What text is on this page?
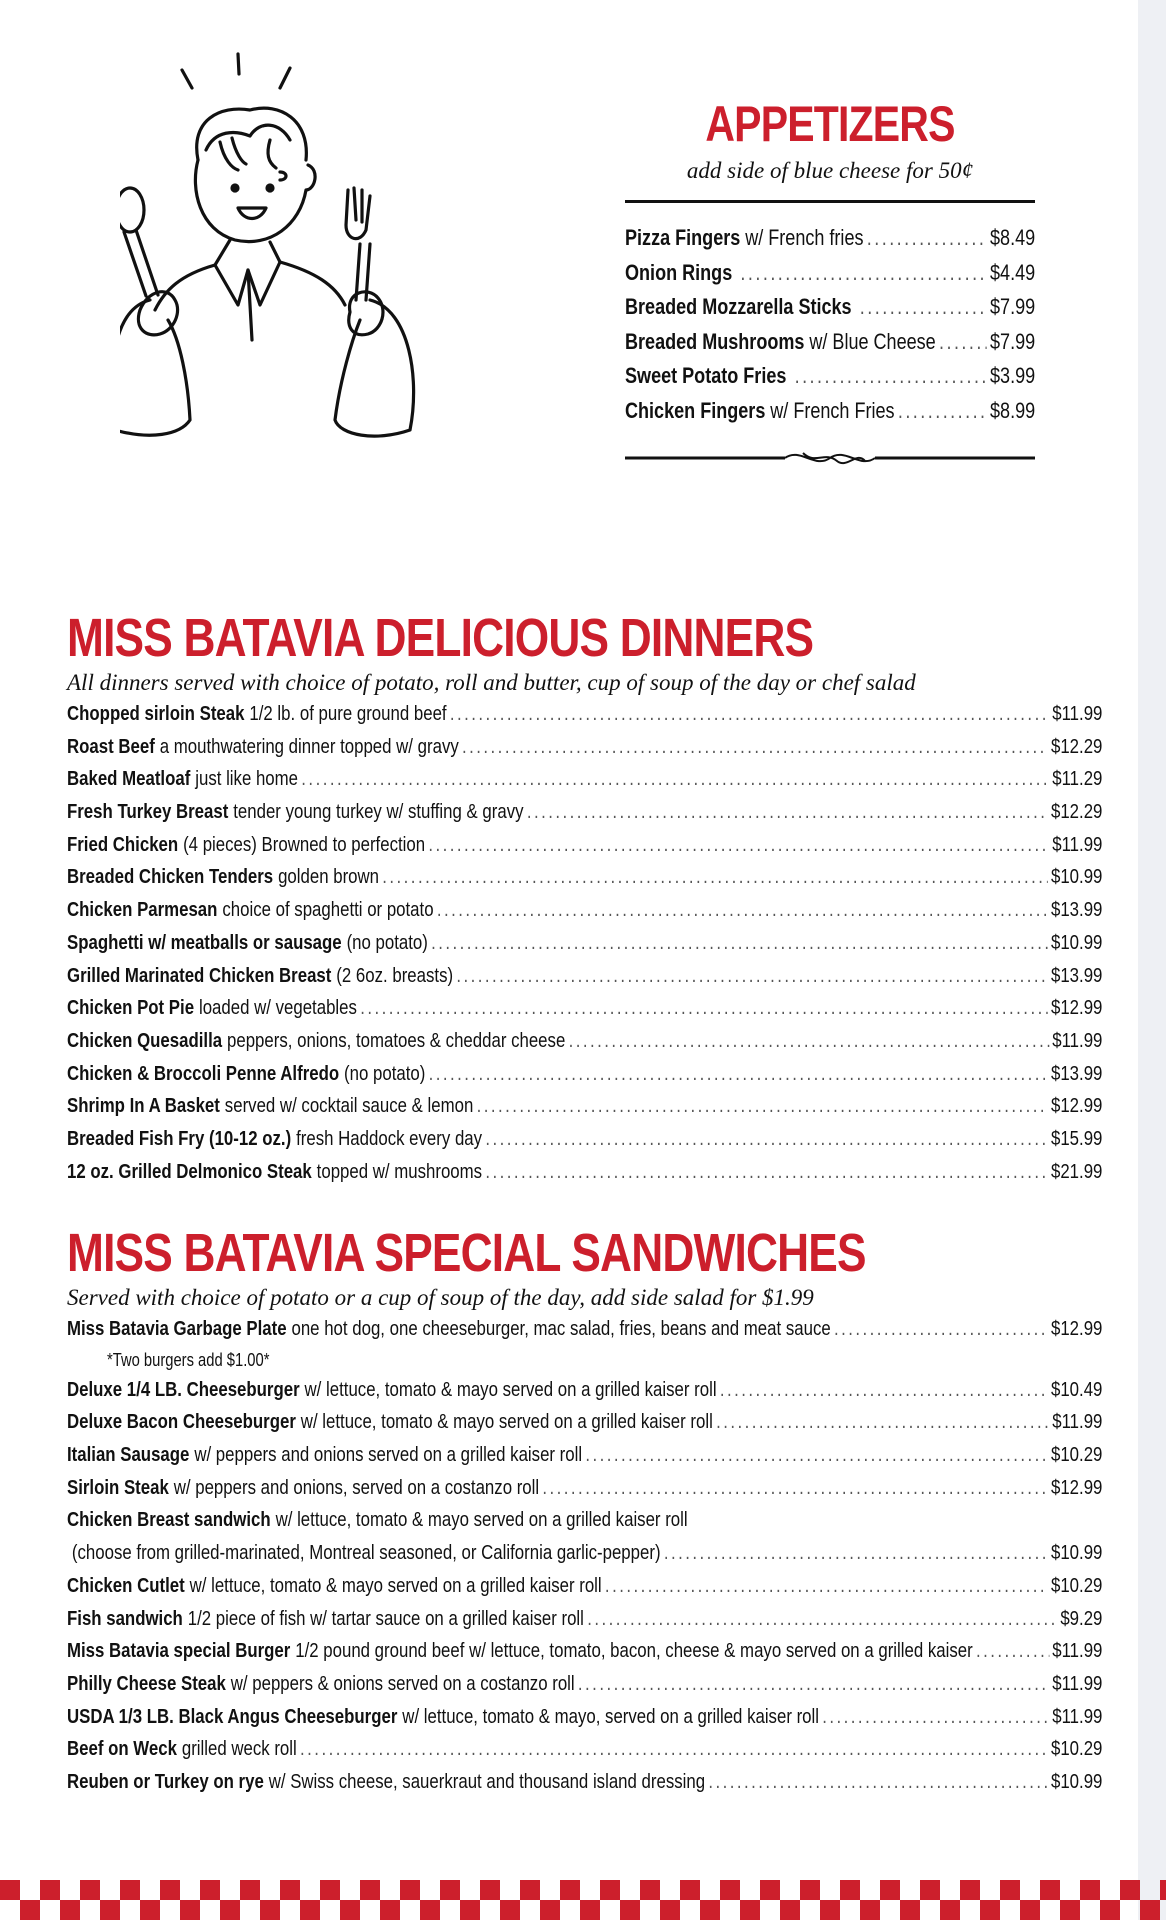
APPETIZERS
add side of blue cheese for 50¢
Pizza Fingers w/ French fries .....	$8.49
Onion Rings .....	$4.49
Breaded Mozzarella Sticks .....	$7.99
Breaded Mushrooms w/ Blue Cheese ..... $7.99
Sweet Potato Fries .....	$3.99
Chicken Fingers w/ French Fries .....	$8.99
MISS BATAVIA DELICIOUS DINNERS
All dinners served with choice of potato, roll and butter, cup of soup of the day or chef salad
Chopped sirloin Steak 1/2 lb. of pure ground beef .....	$11.99
Roast Beef a mouthwatering dinner topped w/ gravy .....	$12.29
Baked Meatloaf just like home .....	$11.29
Fresh Turkey Breast tender young turkey w/ stuffing & gravy .....	$12.29
Fried Chicken (4 pieces) Browned to perfection .....	$11.99
Breaded Chicken Tenders golden brown .....	$10.99
Chicken Parmesan choice of spaghetti or potato .....	$13.99
Spaghetti w/ meatballs or sausage (no potato) .....	$10.99
Grilled Marinated Chicken Breast (2 6oz. breasts) .....	$13.99
Chicken Pot Pie loaded w/ vegetables .....	$12.99
Chicken Quesadilla peppers, onions, tomatoes & cheddar cheese .....	$11.99
Chicken & Broccoli Penne Alfredo (no potato) .....	$13.99
Shrimp In A Basket served w/ cocktail sauce & lemon .....	$12.99
Breaded Fish Fry (10-12 oz.) fresh Haddock every day .....	$15.99
12 oz. Grilled Delmonico Steak topped w/ mushrooms .....	$21.99
MISS BATAVIA SPECIAL SANDWICHES
Served with choice of potato or a cup of soup of the day, add side salad for $1.99
Miss Batavia Garbage Plate one hot dog, one cheeseburger, mac salad, fries, beans and meat sauce .....	$12.99
*Two burgers add $1.00*
Deluxe 1/4 LB. Cheeseburger w/ lettuce, tomato & mayo served on a grilled kaiser roll .....	$10.49
Deluxe Bacon Cheeseburger w/ lettuce, tomato & mayo served on a grilled kaiser roll .....	$11.99
Italian Sausage w/ peppers and onions served on a grilled kaiser roll .....	$10.29
Sirloin Steak w/ peppers and onions, served on a costanzo roll .....	$12.99
Chicken Breast sandwich w/ lettuce, tomato & mayo served on a grilled kaiser roll
(choose from grilled-marinated, Montreal seasoned, or California garlic-pepper) .....	$10.99
Chicken Cutlet w/ lettuce, tomato & mayo served on a grilled kaiser roll .....	$10.29
Fish sandwich 1/2 piece of fish w/ tartar sauce on a grilled kaiser roll .....	$9.29
Miss Batavia special Burger 1/2 pound ground beef w/ lettuce, tomato, bacon, cheese & mayo served on a grilled kaiser .....	$11.99
Philly Cheese Steak w/ peppers & onions served on a costanzo roll .....	$11.99
USDA 1/3 LB. Black Angus Cheeseburger w/ lettuce, tomato & mayo, served on a grilled kaiser roll .....	$11.99
Beef on Weck grilled weck roll .....	$10.29
Reuben or Turkey on rye w/ Swiss cheese, sauerkraut and thousand island dressing .....	$10.99
